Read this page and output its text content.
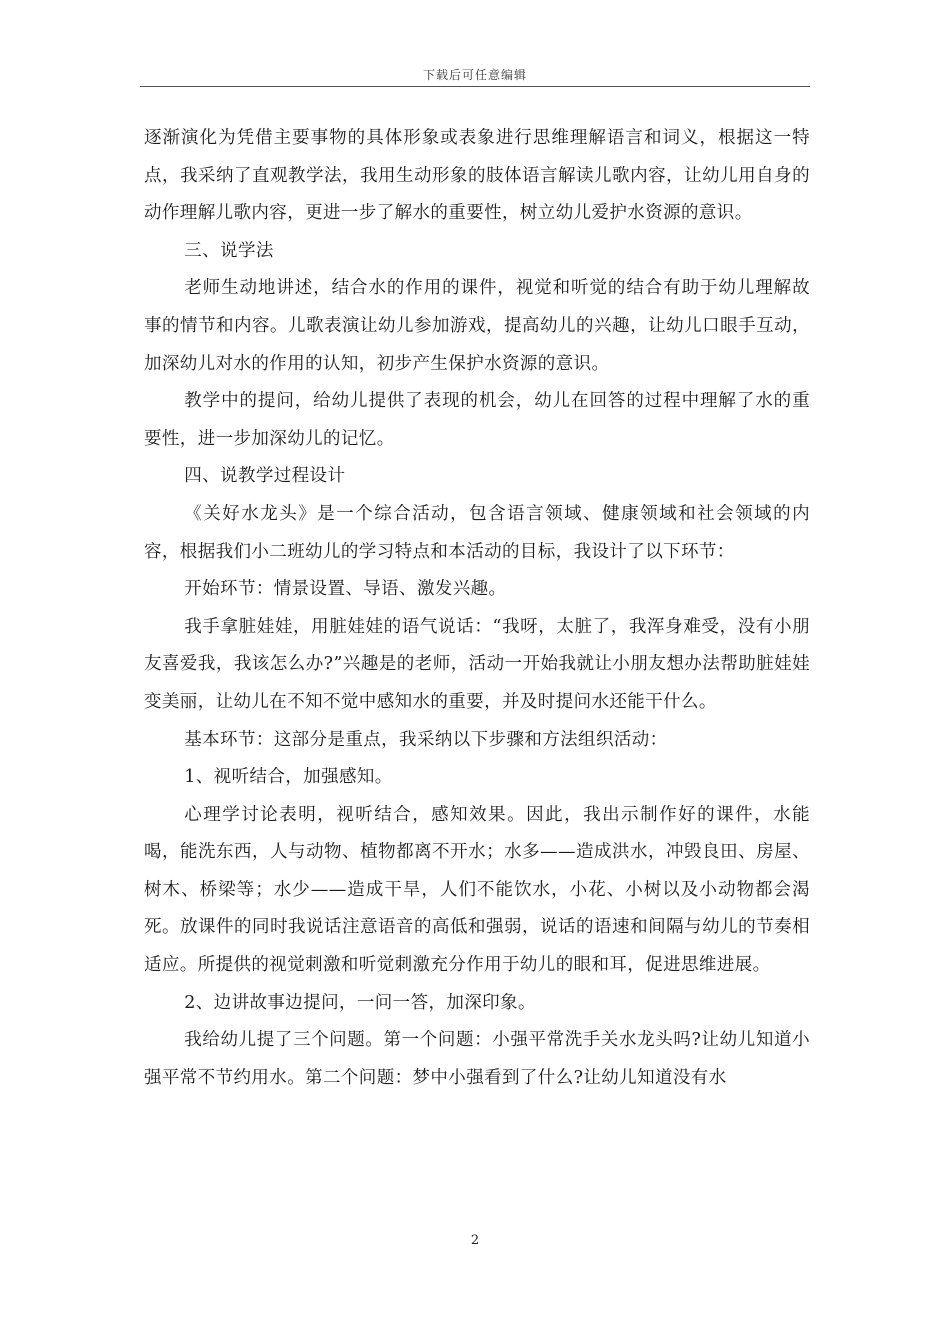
下载后可任意编辑

逐渐演化为凭借主要事物的具体形象或表象进行思维理解语言和词义，根据这一特点，我采纳了直观教学法，我用生动形象的肢体语言解读儿歌内容，让幼儿用自身的动作理解儿歌内容，更进一步了解水的重要性，树立幼儿爱护水资源的意识。

三、说学法

老师生动地讲述，结合水的作用的课件，视觉和听觉的结合有助于幼儿理解故事的情节和内容。儿歌表演让幼儿参加游戏，提高幼儿的兴趣，让幼儿口眼手互动，加深幼儿对水的作用的认知，初步产生保护水资源的意识。

教学中的提问，给幼儿提供了表现的机会，幼儿在回答的过程中理解了水的重要性，进一步加深幼儿的记忆。

四、说教学过程设计

《关好水龙头》是一个综合活动，包含语言领域、健康领域和社会领域的内容，根据我们小二班幼儿的学习特点和本活动的目标，我设计了以下环节：

开始环节：情景设置、导语、激发兴趣。

我手拿脏娃娃，用脏娃娃的语气说话：“我呀，太脏了，我浑身难受，没有小朋友喜爱我，我该怎么办?”兴趣是的老师，活动一开始我就让小朋友想办法帮助脏娃娃变美丽，让幼儿在不知不觉中感知水的重要，并及时提问水还能干什么。

基本环节：这部分是重点，我采纳以下步骤和方法组织活动：

1、视听结合，加强感知。

心理学讨论表明，视听结合，感知效果。因此，我出示制作好的课件，水能喝，能洗东西，人与动物、植物都离不开水；水多——造成洪水，冲毁良田、房屋、树木、桥梁等；水少——造成干旱，人们不能饮水，小花、小树以及小动物都会渴死。放课件的同时我说话注意语音的高低和强弱，说话的语速和间隔与幼儿的节奏相适应。所提供的视觉刺激和听觉刺激充分作用于幼儿的眼和耳，促进思维进展。

2、边讲故事边提问，一问一答，加深印象。

我给幼儿提了三个问题。第一个问题：小强平常洗手关水龙头吗?让幼儿知道小强平常不节约用水。第二个问题：梦中小强看到了什么?让幼儿知道没有水

2
